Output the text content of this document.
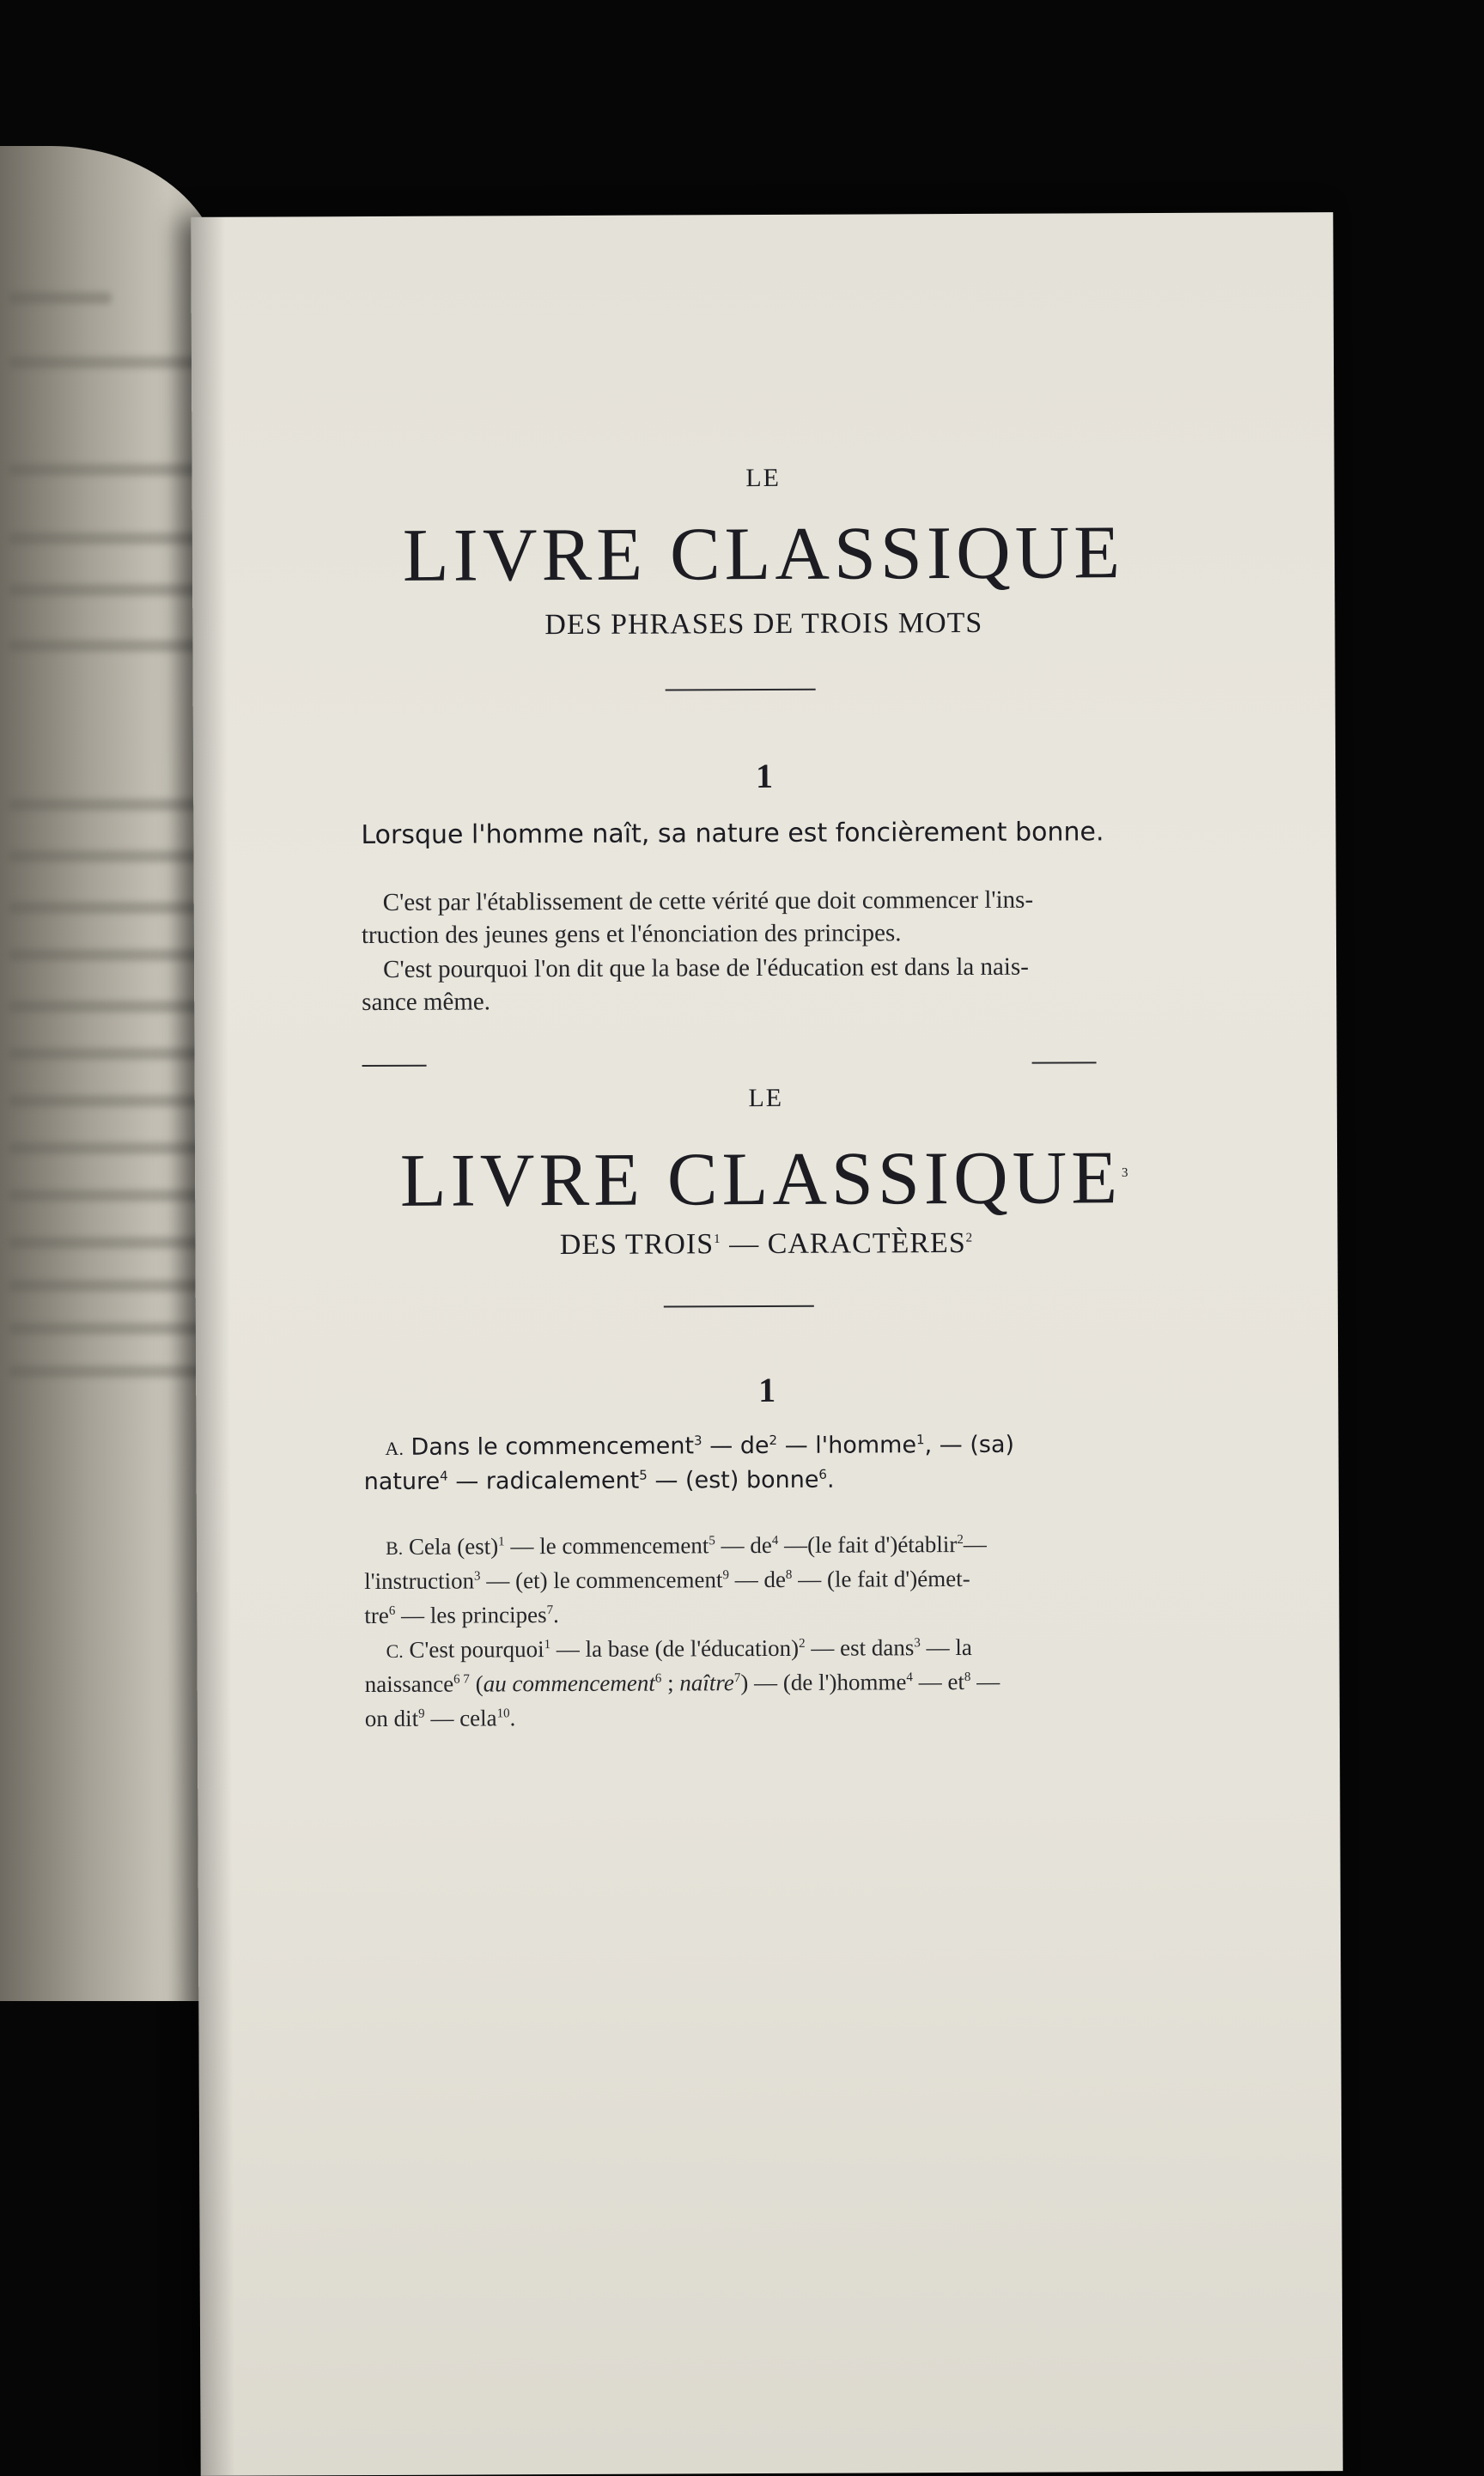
LE
LIVRE CLASSIQUE
DES PHRASES DE TROIS MOTS
1
Lorsque l'homme naît, sa nature est foncièrement bonne.
C'est par l'établissement de cette vérité que doit commencer l'ins-
truction des jeunes gens et l'énonciation des principes.
C'est pourquoi l'on dit que la base de l'éducation est dans la nais-
sance même.
LE
LIVRE CLASSIQUE$^3$
DES TROIS$^1$ — CARACTÈRES$^2$
1
A. Dans le commencement$^3$ — $de^2$ — l'homme$^1$, — (sa)
nature$^4$ — radicalement$^5$ — (est) bonne$^6$.
B. Cela (est)$^1$ — le commencement$^5$ — $de^4$ —(le fait d')établir$^2$—
l'instruction$^3$ — (et) le commencement$^9$ — $de^8$ — (le fait d')émet-
tre$^6$ — les principes$^7$.
C. C'est pourquoi$^1$ — la base (de l'éducation)$^2$ — est dans$^3$ — la
naissance$^{6 7}$ (au commencement$^6$ ; naître$^7$) — (de l')homme$^4$ — $et^8$ —
on dit$^9$ — cela$^{10}$.
